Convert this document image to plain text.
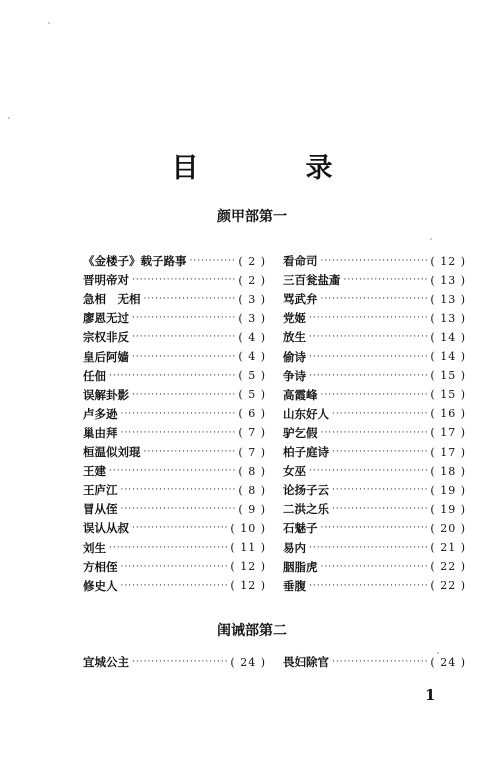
目　录
颜甲部第一
《金楼子》载子路事 ·····	( 2 )
晋明帝对 ·····	( 2 )
急相　无相 ·····	( 3 )
廖恩无过 ·····	( 3 )
宗权非反 ·····	( 4 )
皇后阿嫱 ·····	( 4 )
任佃 ·····	( 5 )
误解卦影 ·····	( 5 )
卢多逊 ·····	( 6 )
巢由拜 ·····	( 7 )
桓温似刘琨 ·····	( 7 )
王建 ·····	( 8 )
王庐江 ·····	( 8 )
冒从侄 ·····	( 9 )
误认从叔 ·····	( 10 )
刘生 ·····	( 11 )
方相侄 ·····	( 12 )
修史人 ·····	( 12 )
看命司 ·····	( 12 )
三百瓮盐齑 ·····	( 13 )
骂武弁 ·····	( 13 )
党姬 ·····	( 13 )
放生 ·····	( 14 )
偷诗 ·····	( 14 )
争诗 ·····	( 15 )
高霞峰 ·····	( 15 )
山东好人 ·····	( 16 )
驴乞假 ·····	( 17 )
柏子庭诗 ·····	( 17 )
女巫 ·····	( 18 )
论扬子云 ·····	( 19 )
二洪之乐 ·····	( 19 )
石魅子 ·····	( 20 )
易内 ·····	( 21 )
胭脂虎 ·····	( 22 )
垂腹 ·····	( 22 )
闺诫部第二
宜城公主 ·····	( 24 ) 畏妇除官 ·····	( 24 )
1
